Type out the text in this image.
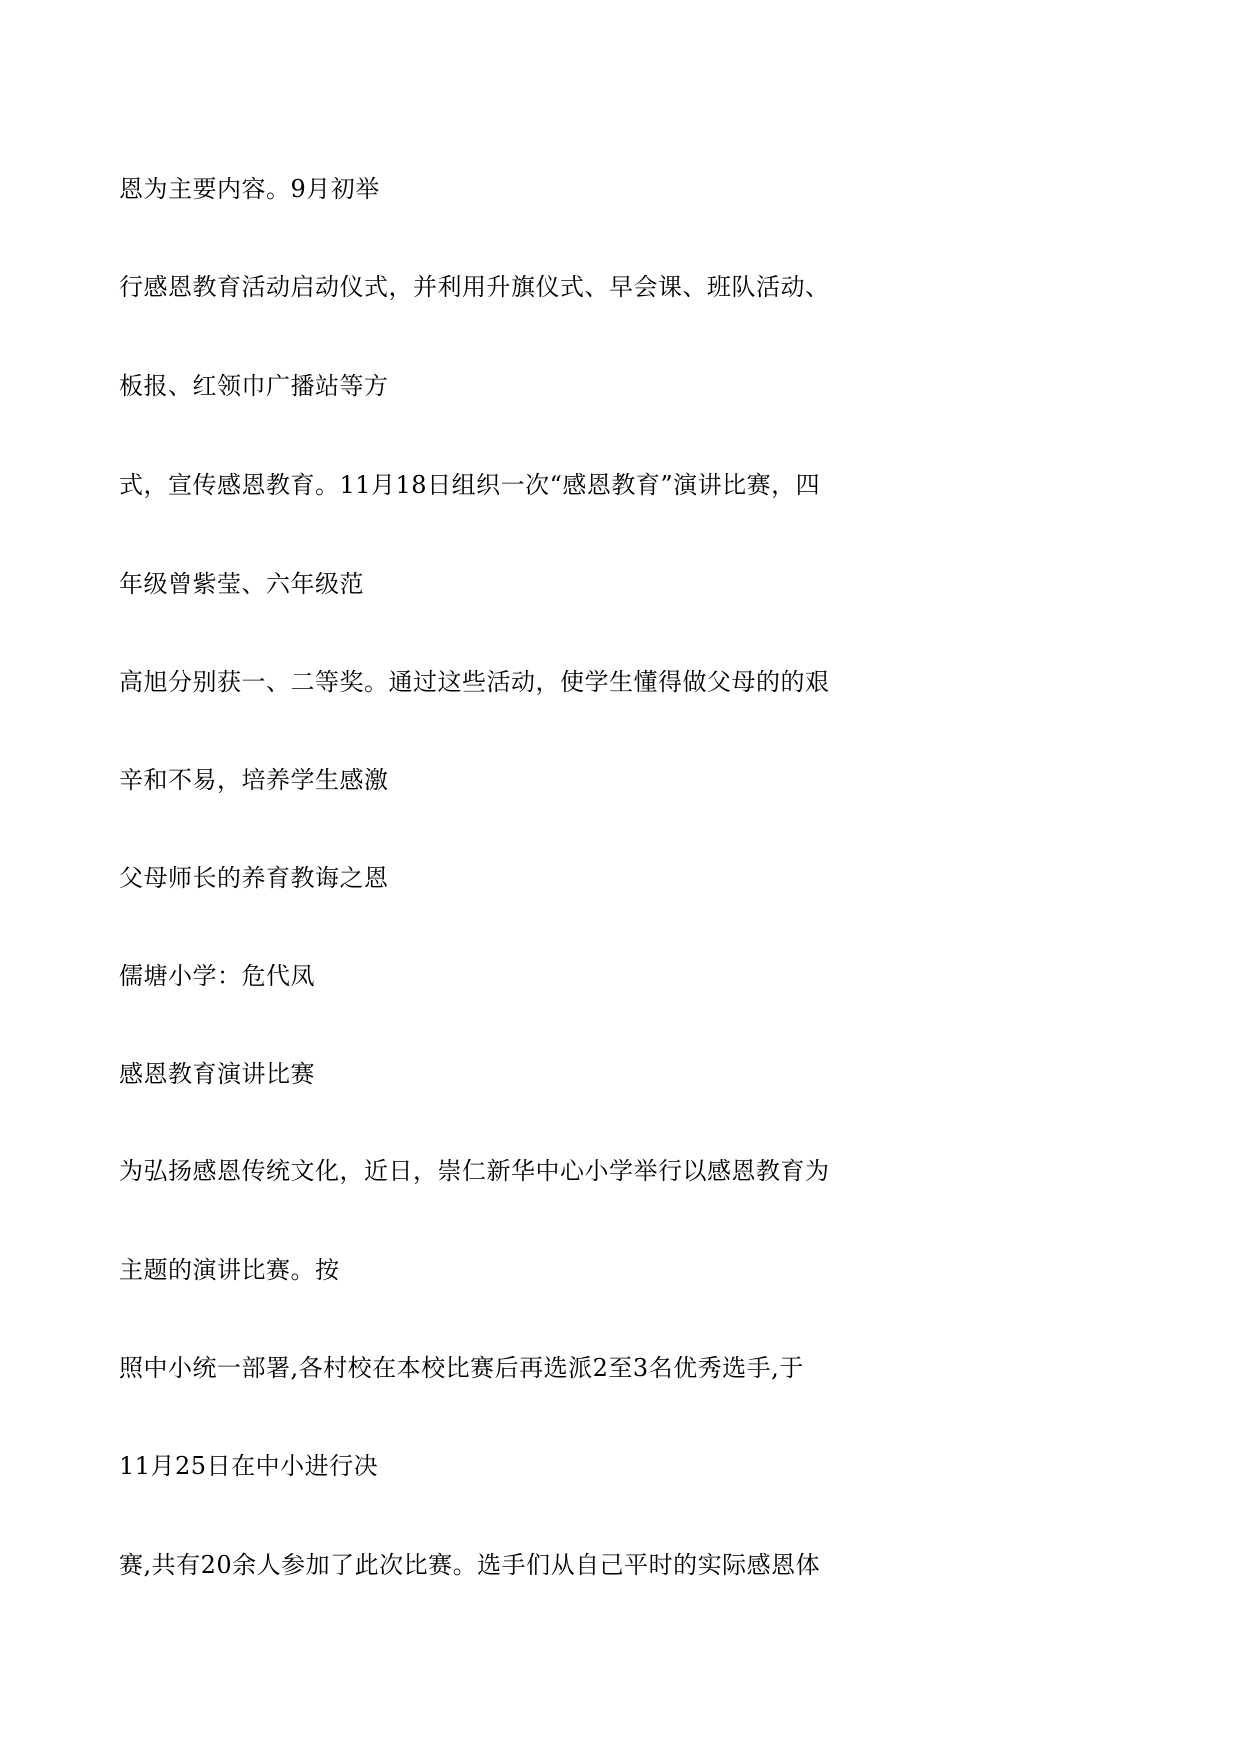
恩为主要内容。9月初举

行感恩教育活动启动仪式，并利用升旗仪式、早会课、班队活动、

板报、红领巾广播站等方

式，宣传感恩教育。11月18日组织一次“感恩教育”演讲比赛，四

年级曾紫莹、六年级范

高旭分别获一、二等奖。通过这些活动，使学生懂得做父母的的艰

辛和不易，培养学生感激

父母师长的养育教诲之恩

儒塘小学：危代凤

感恩教育演讲比赛

为弘扬感恩传统文化，近日，崇仁新华中心小学举行以感恩教育为

主题的演讲比赛。按

照中小统一部署,各村校在本校比赛后再选派2至3名优秀选手,于

11月25日在中小进行决

赛,共有20余人参加了此次比赛。选手们从自己平时的实际感恩体
